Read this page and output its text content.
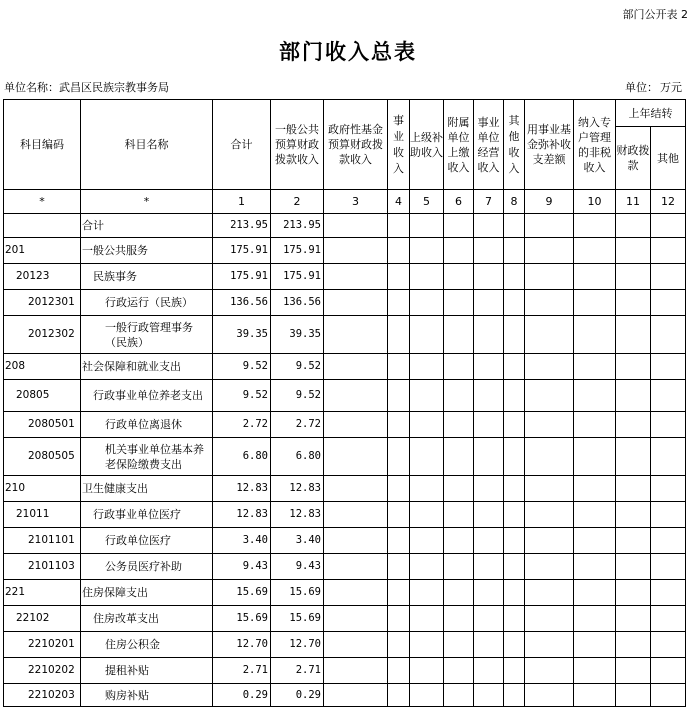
部门公开表 2
部门收入总表
单位名称：武昌区民族宗教事务局	单位： 万元
科目编码	科目名称	合计	一般公共预算财政拨款收入	政府性基金预算财政拨款收入	事业收入	上级补助收入	附属单位上缴收入	事业单位经营收入	其他收入	用事业基金弥补收支差额	纳入专户管理的非税收入	上年结转	
												财政拨款	其他
*	*	1	2	3	4	5	6	7	8	9	10	11	12
	合计	213.95	213.95										
201	一般公共服务	175.91	175.91										
20123	民族事务	175.91	175.91										
2012301	行政运行（民族）	136.56	136.56										
2012302	一般行政管理事务（民族）	39.35	39.35										
208	社会保障和就业支出	9.52	9.52										
20805	行政事业单位养老支出	9.52	9.52										
2080501	行政单位离退休	2.72	2.72										
2080505	机关事业单位基本养老保险缴费支出	6.80	6.80										
210	卫生健康支出	12.83	12.83										
21011	行政事业单位医疗	12.83	12.83										
2101101	行政单位医疗	3.40	3.40										
2101103	公务员医疗补助	9.43	9.43										
221	住房保障支出	15.69	15.69										
22102	住房改革支出	15.69	15.69										
2210201	住房公积金	12.70	12.70										
2210202	提租补贴	2.71	2.71										
2210203	购房补贴	0.29	0.29										
